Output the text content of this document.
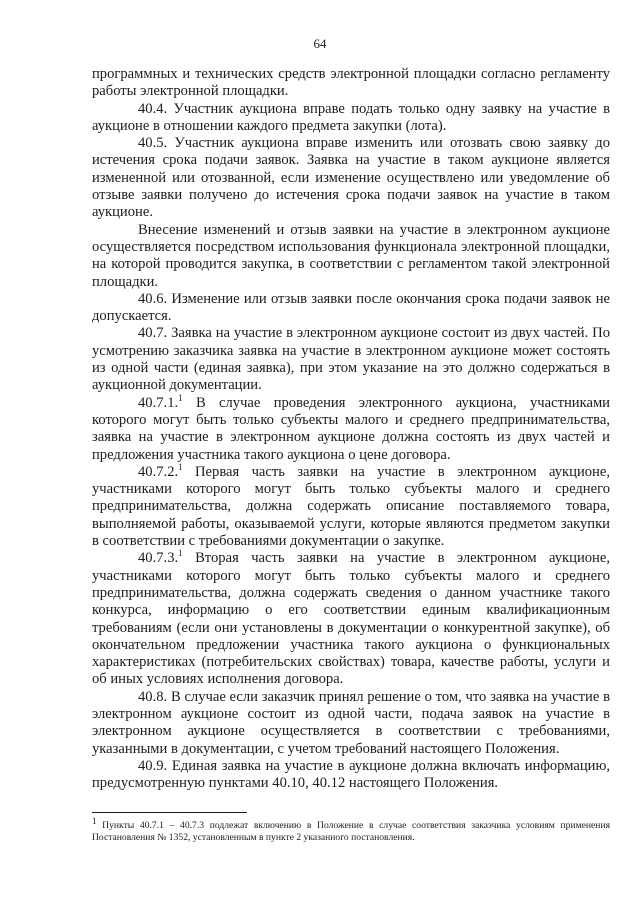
64

программных и технических средств электронной площадки согласно регламенту работы электронной площадки.

40.4. Участник аукциона вправе подать только одну заявку на участие в аукционе в отношении каждого предмета закупки (лота).

40.5. Участник аукциона вправе изменить или отозвать свою заявку до истечения срока подачи заявок. Заявка на участие в таком аукционе является измененной или отозванной, если изменение осуществлено или уведомление об отзыве заявки получено до истечения срока подачи заявок на участие в таком аукционе.

Внесение изменений и отзыв заявки на участие в электронном аукционе осуществляется посредством использования функционала электронной площадки, на которой проводится закупка, в соответствии с регламентом такой электронной площадки.

40.6. Изменение или отзыв заявки после окончания срока подачи заявок не допускается.

40.7. Заявка на участие в электронном аукционе состоит из двух частей. По усмотрению заказчика заявка на участие в электронном аукционе может состоять из одной части (единая заявка), при этом указание на это должно содержаться в аукционной документации.

40.7.1.$^1$ В случае проведения электронного аукциона, участниками которого могут быть только субъекты малого и среднего предпринимательства, заявка на участие в электронном аукционе должна состоять из двух частей и предложения участника такого аукциона о цене договора.

40.7.2.$^1$ Первая часть заявки на участие в электронном аукционе, участниками которого могут быть только субъекты малого и среднего предпринимательства, должна содержать описание поставляемого товара, выполняемой работы, оказываемой услуги, которые являются предметом закупки в соответствии с требованиями документации о закупке.

40.7.3.$^1$ Вторая часть заявки на участие в электронном аукционе, участниками которого могут быть только субъекты малого и среднего предпринимательства, должна содержать сведения о данном участнике такого конкурса, информацию о его соответствии единым квалификационным требованиям (если они установлены в документации о конкурентной закупке), об окончательном предложении участника такого аукциона о функциональных характеристиках (потребительских свойствах) товара, качестве работы, услуги и об иных условиях исполнения договора.

40.8. В случае если заказчик принял решение о том, что заявка на участие в электронном аукционе состоит из одной части, подача заявок на участие в электронном аукционе осуществляется в соответствии с требованиями, указанными в документации, с учетом требований настоящего Положения.

40.9. Единая заявка на участие в аукционе должна включать информацию, предусмотренную пунктами 40.10, 40.12 настоящего Положения.

$^1$ Пункты 40.7.1 – 40.7.3 подлежат включению в Положение в случае соответствия заказчика условиям применения Постановления № 1352, установленным в пункте 2 указанного постановления.
